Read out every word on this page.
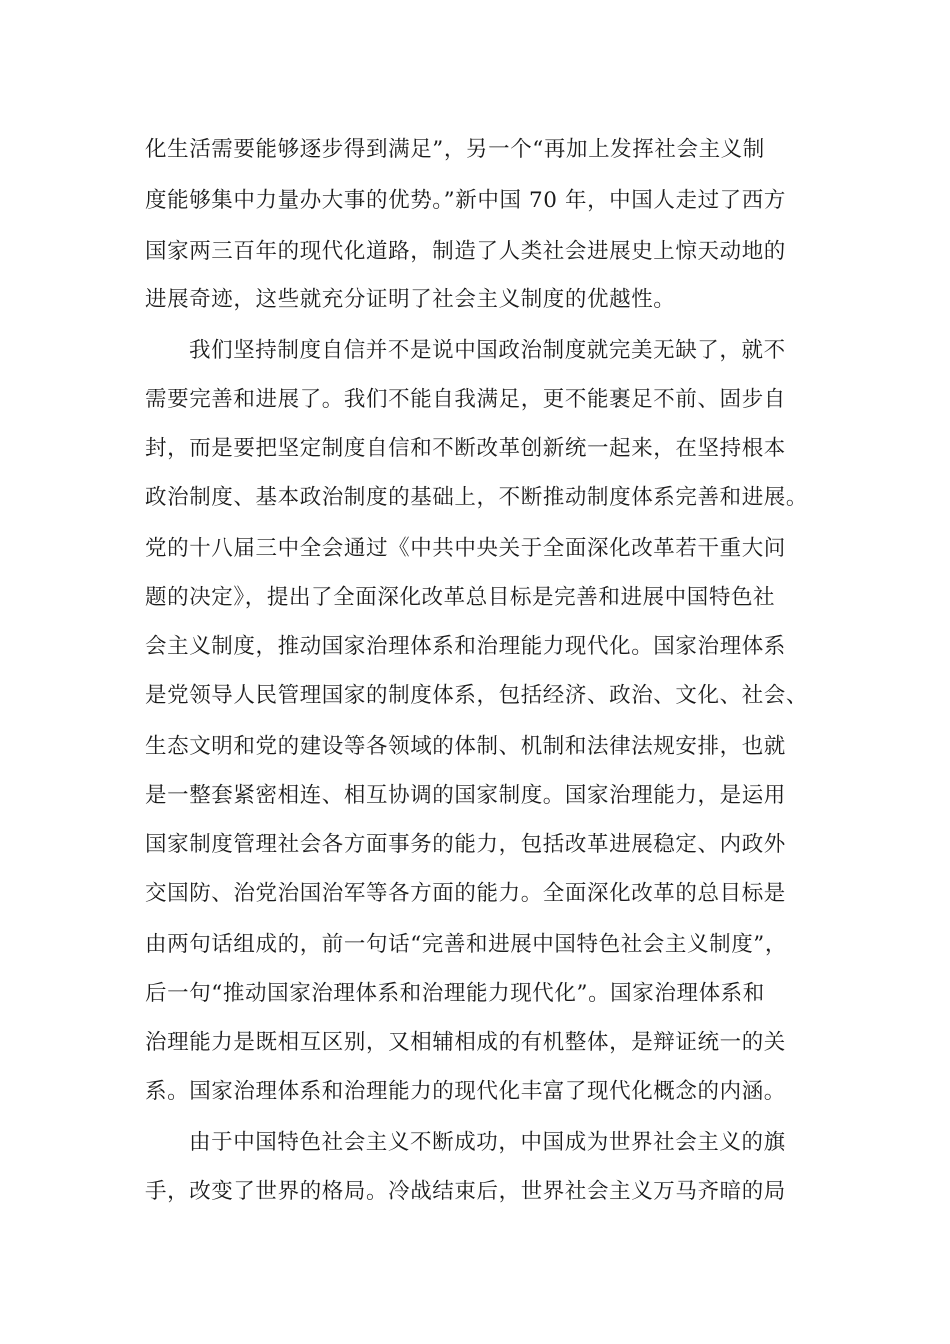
化生活需要能够逐步得到满足”，另一个“再加上发挥社会主义制
度能够集中力量办大事的优势。”新中国 70 年，中国人走过了西方
国家两三百年的现代化道路，制造了人类社会进展史上惊天动地的
进展奇迹，这些就充分证明了社会主义制度的优越性。
我们坚持制度自信并不是说中国政治制度就完美无缺了，就不
需要完善和进展了。我们不能自我满足，更不能裹足不前、固步自
封，而是要把坚定制度自信和不断改革创新统一起来，在坚持根本
政治制度、基本政治制度的基础上，不断推动制度体系完善和进展。
党的十八届三中全会通过《中共中央关于全面深化改革若干重大问
题的决定》，提出了全面深化改革总目标是完善和进展中国特色社
会主义制度，推动国家治理体系和治理能力现代化。国家治理体系
是党领导人民管理国家的制度体系，包括经济、政治、文化、社会、
生态文明和党的建设等各领域的体制、机制和法律法规安排，也就
是一整套紧密相连、相互协调的国家制度。国家治理能力，是运用
国家制度管理社会各方面事务的能力，包括改革进展稳定、内政外
交国防、治党治国治军等各方面的能力。全面深化改革的总目标是
由两句话组成的，前一句话“完善和进展中国特色社会主义制度”，
后一句“推动国家治理体系和治理能力现代化”。国家治理体系和
治理能力是既相互区别，又相辅相成的有机整体，是辩证统一的关
系。国家治理体系和治理能力的现代化丰富了现代化概念的内涵。
由于中国特色社会主义不断成功，中国成为世界社会主义的旗
手，改变了世界的格局。冷战结束后，世界社会主义万马齐暗的局
